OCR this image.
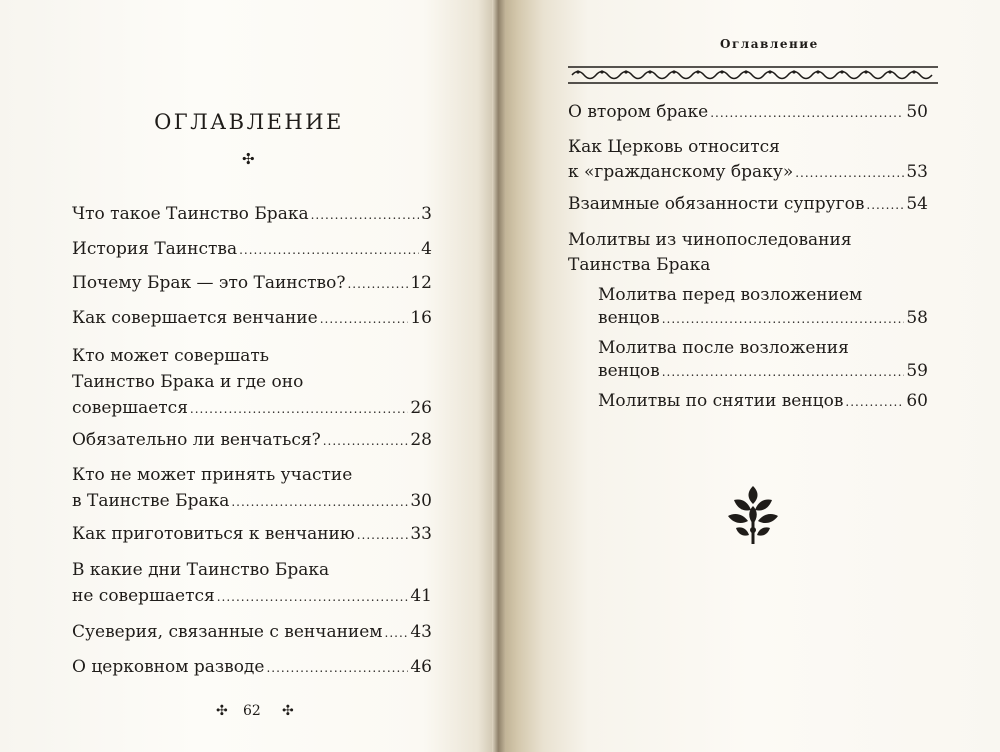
ОГЛАВЛЕНИЕ
✣
Что такое Таинство Брака .....	3
История Таинства .....	4
Почему Брак — это Таинство? .....	12
Как совершается венчание .....	16
Кто может совершать
Таинство Брака и где оно
совершается .....	26
Обязательно ли венчаться? .....	28
Кто не может принять участие
в Таинстве Брака .....	30
Как приготовиться к венчанию .....	33
В какие дни Таинство Брака
не совершается .....	41
Суеверия, связанные с венчанием ..... 43
О церковном разводе .....	46
✣ 62 ✣
Оглавление
О втором браке .....	50
Как Церковь относится
к «гражданскому браку» .....	53
Взаимные обязанности супругов ..... 54
Молитвы из чинопоследования
Таинства Брака
Молитва перед возложением
венцов .....	58
Молитва после возложения
венцов .....	59
Молитвы по снятии венцов .....	60
